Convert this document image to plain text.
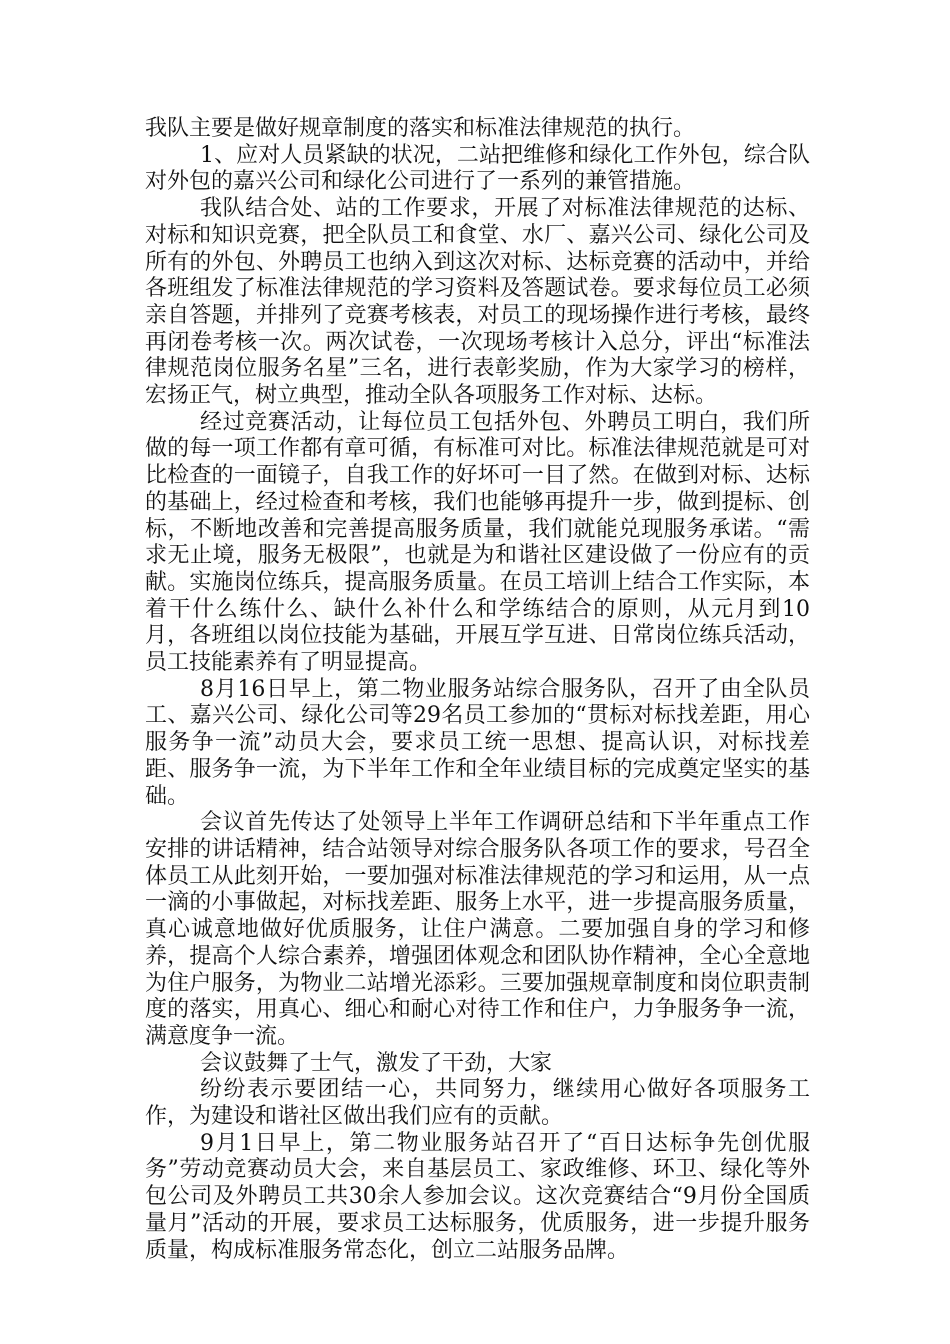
我队主要是做好规章制度的落实和标准法律规范的执行。

1、应对人员紧缺的状况，二站把维修和绿化工作外包，综合队对外包的嘉兴公司和绿化公司进行了一系列的兼管措施。

我队结合处、站的工作要求，开展了对标准法律规范的达标、对标和知识竞赛，把全队员工和食堂、水厂、嘉兴公司、绿化公司及所有的外包、外聘员工也纳入到这次对标、达标竞赛的活动中，并给各班组发了标准法律规范的学习资料及答题试卷。要求每位员工必须亲自答题，并排列了竞赛考核表，对员工的现场操作进行考核，最终再闭卷考核一次。两次试卷，一次现场考核计入总分，评出“标准法律规范岗位服务名星”三名，进行表彰奖励，作为大家学习的榜样，宏扬正气，树立典型，推动全队各项服务工作对标、达标。

经过竞赛活动，让每位员工包括外包、外聘员工明白，我们所做的每一项工作都有章可循，有标准可对比。标准法律规范就是可对比检查的一面镜子，自我工作的好坏可一目了然。在做到对标、达标的基础上，经过检查和考核，我们也能够再提升一步，做到提标、创标，不断地改善和完善提高服务质量，我们就能兑现服务承诺。“需求无止境，服务无极限”，也就是为和谐社区建设做了一份应有的贡献。实施岗位练兵，提高服务质量。在员工培训上结合工作实际，本着干什么练什么、缺什么补什么和学练结合的原则，从元月到10月，各班组以岗位技能为基础，开展互学互进、日常岗位练兵活动，员工技能素养有了明显提高。

8月16日早上，第二物业服务站综合服务队，召开了由全队员工、嘉兴公司、绿化公司等29名员工参加的“贯标对标找差距，用心服务争一流”动员大会，要求员工统一思想、提高认识，对标找差距、服务争一流，为下半年工作和全年业绩目标的完成奠定坚实的基础。

会议首先传达了处领导上半年工作调研总结和下半年重点工作安排的讲话精神，结合站领导对综合服务队各项工作的要求，号召全体员工从此刻开始，一要加强对标准法律规范的学习和运用，从一点一滴的小事做起，对标找差距、服务上水平，进一步提高服务质量，真心诚意地做好优质服务，让住户满意。二要加强自身的学习和修养，提高个人综合素养，增强团体观念和团队协作精神，全心全意地为住户服务，为物业二站增光添彩。三要加强规章制度和岗位职责制度的落实，用真心、细心和耐心对待工作和住户，力争服务争一流，满意度争一流。

会议鼓舞了士气，激发了干劲，大家

纷纷表示要团结一心，共同努力，继续用心做好各项服务工作，为建设和谐社区做出我们应有的贡献。

9月1日早上，第二物业服务站召开了“百日达标争先创优服务”劳动竞赛动员大会，来自基层员工、家政维修、环卫、绿化等外包公司及外聘员工共30余人参加会议。这次竞赛结合“9月份全国质量月”活动的开展，要求员工达标服务，优质服务，进一步提升服务质量，构成标准服务常态化，创立二站服务品牌。
